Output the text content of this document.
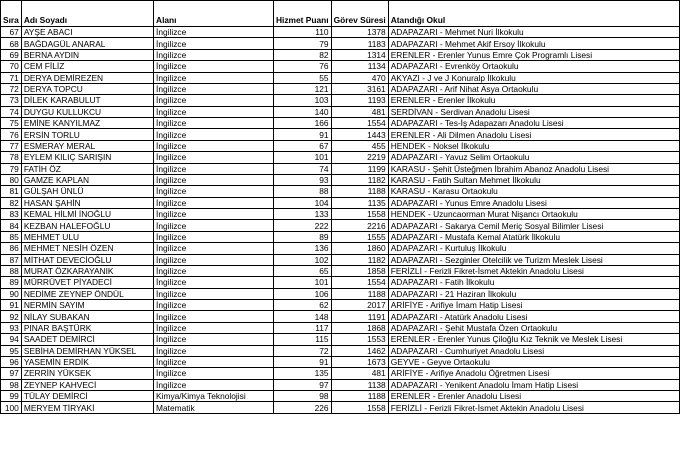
Sıra	Adı Soyadı	Alanı	Hizmet Puanı	Görev Süresi	Atandığı Okul
67	AYŞE ABACI	İngilizce	110	1378	ADAPAZARI - Mehmet Nuri İlkokulu
68	BAĞDAGÜL ANARAL	İngilizce	79	1183	ADAPAZARI - Mehmet Akif Ersoy İlkokulu
69	BERNA AYDIN	İngilizce	82	1314	ERENLER - Erenler Yunus Emre Çok Programlı Lisesi
70	CEM FİLİZ	İngilizce	76	1134	ADAPAZARI - Evrenköy Ortaokulu
71	DERYA DEMİREZEN	İngilizce	55	470	AKYAZI - J ve J Konuralp İlkokulu
72	DERYA TOPCU	İngilizce	121	3161	ADAPAZARI - Arif Nihat Asya Ortaokulu
73	DİLEK KARABULUT	İngilizce	103	1193	ERENLER - Erenler İlkokulu
74	DUYGU KULLUKCU	İngilizce	140	481	SERDİVAN - Serdivan Anadolu Lisesi
75	EMİNE KANYILMAZ	İngilizce	166	1554	ADAPAZARI - Tes-İş Adapazarı Anadolu Lisesi
76	ERSİN TORLU	İngilizce	91	1443	ERENLER - Ali Dilmen Anadolu Lisesi
77	ESMERAY MERAL	İngilizce	67	455	HENDEK - Noksel İlkokulu
78	EYLEM KILIÇ SARIŞIN	İngilizce	101	2219	ADAPAZARI - Yavuz Selim Ortaokulu
79	FATİH ÖZ	İngilizce	74	1199	KARASU - Şehit Üsteğmen İbrahim Abanoz Anadolu Lisesi
80	GAMZE KAPLAN	İngilizce	93	1182	KARASU - Fatih Sultan Mehmet İlkokulu
81	GÜLŞAH ÜNLÜ	İngilizce	88	1188	KARASU - Karasu Ortaokulu
82	HASAN ŞAHİN	İngilizce	104	1135	ADAPAZARI - Yunus Emre Anadolu Lisesi
83	KEMAL HİLMİ İNOĞLU	İngilizce	133	1558	HENDEK - Uzuncaorman Murat Nişancı Ortaokulu
84	KEZBAN HALEFOĞLU	İngilizce	222	2216	ADAPAZARI - Sakarya Cemil Meriç Sosyal Bilimler Lisesi
85	MEHMET ULU	İngilizce	89	1555	ADAPAZARI - Mustafa Kemal Atatürk İlkokulu
86	MEHMET NESİH ÖZEN	İngilizce	136	1860	ADAPAZARI - Kurtuluş İlkokulu
87	MİTHAT DEVECİOĞLU	İngilizce	102	1182	ADAPAZARI - Sezginler Otelcilik ve Turizm Meslek Lisesi
88	MURAT ÖZKARAYANIK	İngilizce	65	1858	FERİZLİ - Ferizli Fikret-İsmet Aktekin Anadolu Lisesi
89	MÜRRÜVET PİYADECİ	İngilizce	101	1554	ADAPAZARI - Fatih İlkokulu
90	NEDİME ZEYNEP ÖNDÜL	İngilizce	106	1188	ADAPAZARI - 21 Haziran İlkokulu
91	NERMİN SAYIM	İngilizce	62	2017	ARİFİYE - Arifiye İmam Hatip Lisesi
92	NİLAY SUBAKAN	İngilizce	148	1191	ADAPAZARI - Atatürk Anadolu Lisesi
93	PINAR BAŞTÜRK	İngilizce	117	1868	ADAPAZARI - Şehit Mustafa Özen Ortaokulu
94	SAADET DEMİRCİ	İngilizce	115	1553	ERENLER - Erenler Yunus Çiloğlu Kız Teknik ve Meslek Lisesi
95	SEBİHA DEMİRHAN YÜKSEL	İngilizce	72	1462	ADAPAZARI - Cumhuriyet Anadolu Lisesi
96	YASEMİN ERDİK	İngilizce	91	1673	GEYVE - Geyve Ortaokulu
97	ZERRİN YÜKSEK	İngilizce	135	481	ARİFİYE - Arifiye Anadolu Öğretmen Lisesi
98	ZEYNEP KAHVECİ	İngilizce	97	1138	ADAPAZARI - Yenikent Anadolu İmam Hatip Lisesi
99	TÜLAY DEMİRCİ	Kimya/Kimya Teknolojisi	98	1188	ERENLER - Erenler Anadolu Lisesi
100	MERYEM TİRYAKİ	Matematik	226	1558	FERİZLİ - Ferizli Fikret-İsmet Aktekin Anadolu Lisesi
